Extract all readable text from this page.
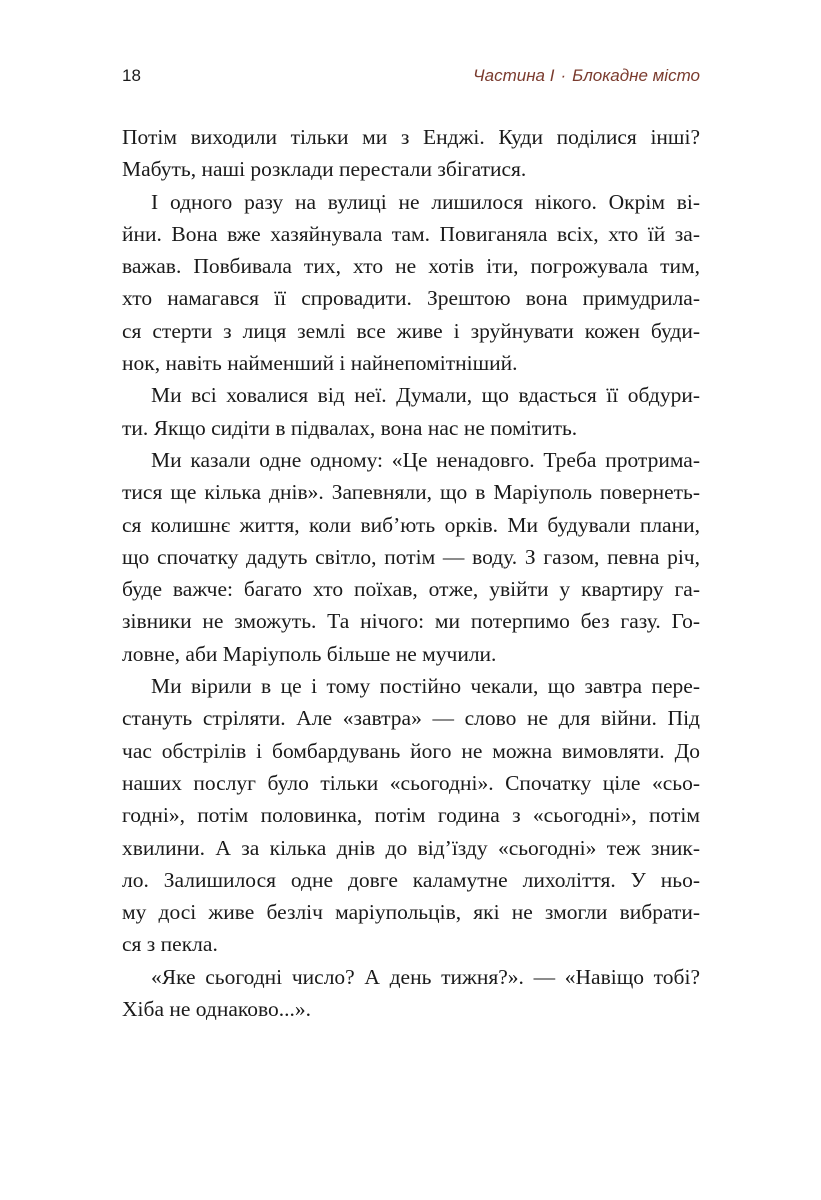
18	Частина І · Блокадне місто
Потім виходили тільки ми з Енджі. Куди поділися інші?
Мабуть, наші розклади перестали збігатися.
І одного разу на вулиці не лишилося нікого. Окрім ві-
йни. Вона вже хазяйнувала там. Повиганяла всіх, хто їй за-
важав. Повбивала тих, хто не хотів іти, погрожувала тим,
хто намагався її спровадити. Зрештою вона примудрила-
ся стерти з лиця землі все живе і зруйнувати кожен буди-
нок, навіть найменший і найнепомітніший.
Ми всі ховалися від неї. Думали, що вдасться її обдури-
ти. Якщо сидіти в підвалах, вона нас не помітить.
Ми казали одне одному: «Це ненадовго. Треба протрима-
тися ще кілька днів». Запевняли, що в Маріуполь повернеть-
ся колишнє життя, коли виб’ють орків. Ми будували плани,
що спочатку дадуть світло, потім — воду. З газом, певна річ,
буде важче: багато хто поїхав, отже, увійти у квартиру га-
зівники не зможуть. Та нічого: ми потерпимо без газу. Го-
ловне, аби Маріуполь більше не мучили.
Ми вірили в це і тому постійно чекали, що завтра пере-
стануть стріляти. Але «завтра» — слово не для війни. Під
час обстрілів і бомбардувань його не можна вимовляти. До
наших послуг було тільки «сьогодні». Спочатку ціле «сьо-
годні», потім половинка, потім година з «сьогодні», потім
хвилини. А за кілька днів до від’їзду «сьогодні» теж зник-
ло. Залишилося одне довге каламутне лихоліття. У ньо-
му досі живе безліч маріупольців, які не змогли вибрати-
ся з пекла.
«Яке сьогодні число? А день тижня?». — «Навіщо тобі?
Хіба не однаково...».
